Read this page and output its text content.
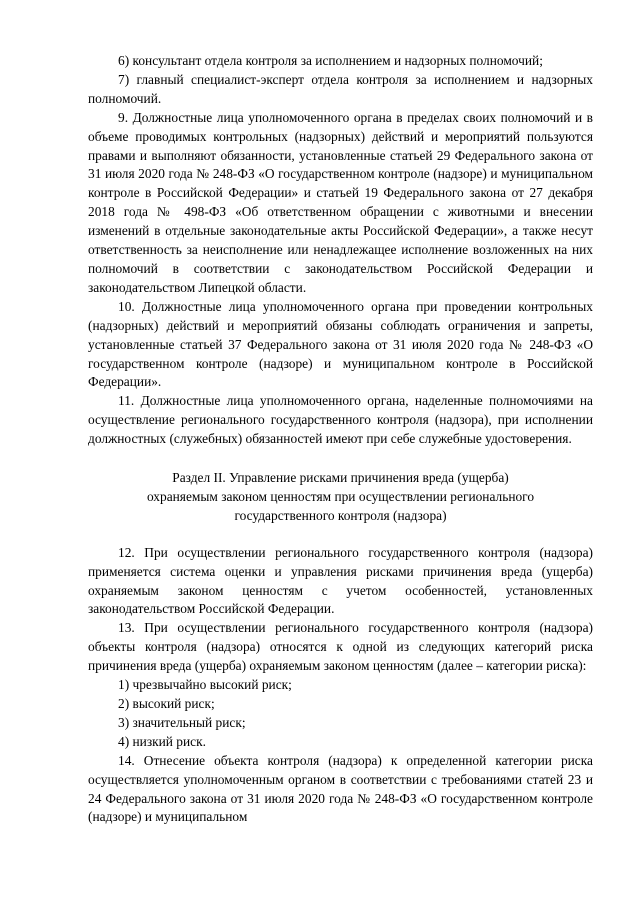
6) консультант отдела контроля за исполнением и надзорных полномочий;

7) главный специалист-эксперт отдела контроля за исполнением и надзорных полномочий.

9. Должностные лица уполномоченного органа в пределах своих полномочий и в объеме проводимых контрольных (надзорных) действий и мероприятий пользуются правами и выполняют обязанности, установленные статьей 29 Федерального закона от 31 июля 2020 года № 248-ФЗ «О государственном контроле (надзоре) и муниципальном контроле в Российской Федерации» и статьей 19 Федерального закона от 27 декабря 2018 года № 498-ФЗ «Об ответственном обращении с животными и внесении изменений в отдельные законодательные акты Российской Федерации», а также несут ответственность за неисполнение или ненадлежащее исполнение возложенных на них полномочий в соответствии с законодательством Российской Федерации и законодательством Липецкой области.

10. Должностные лица уполномоченного органа при проведении контрольных (надзорных) действий и мероприятий обязаны соблюдать ограничения и запреты, установленные статьей 37 Федерального закона от 31 июля 2020 года № 248-ФЗ «О государственном контроле (надзоре) и муниципальном контроле в Российской Федерации».

11. Должностные лица уполномоченного органа, наделенные полномочиями на осуществление регионального государственного контроля (надзора), при исполнении должностных (служебных) обязанностей имеют при себе служебные удостоверения.

Раздел II. Управление рисками причинения вреда (ущерба)
охраняемым законом ценностям при осуществлении регионального
государственного контроля (надзора)

12. При осуществлении регионального государственного контроля (надзора) применяется система оценки и управления рисками причинения вреда (ущерба) охраняемым законом ценностям с учетом особенностей, установленных законодательством Российской Федерации.

13. При осуществлении регионального государственного контроля (надзора) объекты контроля (надзора) относятся к одной из следующих категорий риска причинения вреда (ущерба) охраняемым законом ценностям (далее – категории риска):

1) чрезвычайно высокий риск;

2) высокий риск;

3) значительный риск;

4) низкий риск.

14. Отнесение объекта контроля (надзора) к определенной категории риска осуществляется уполномоченным органом в соответствии с требованиями статей 23 и 24 Федерального закона от 31 июля 2020 года № 248-ФЗ «О государственном контроле (надзоре) и муниципальном
